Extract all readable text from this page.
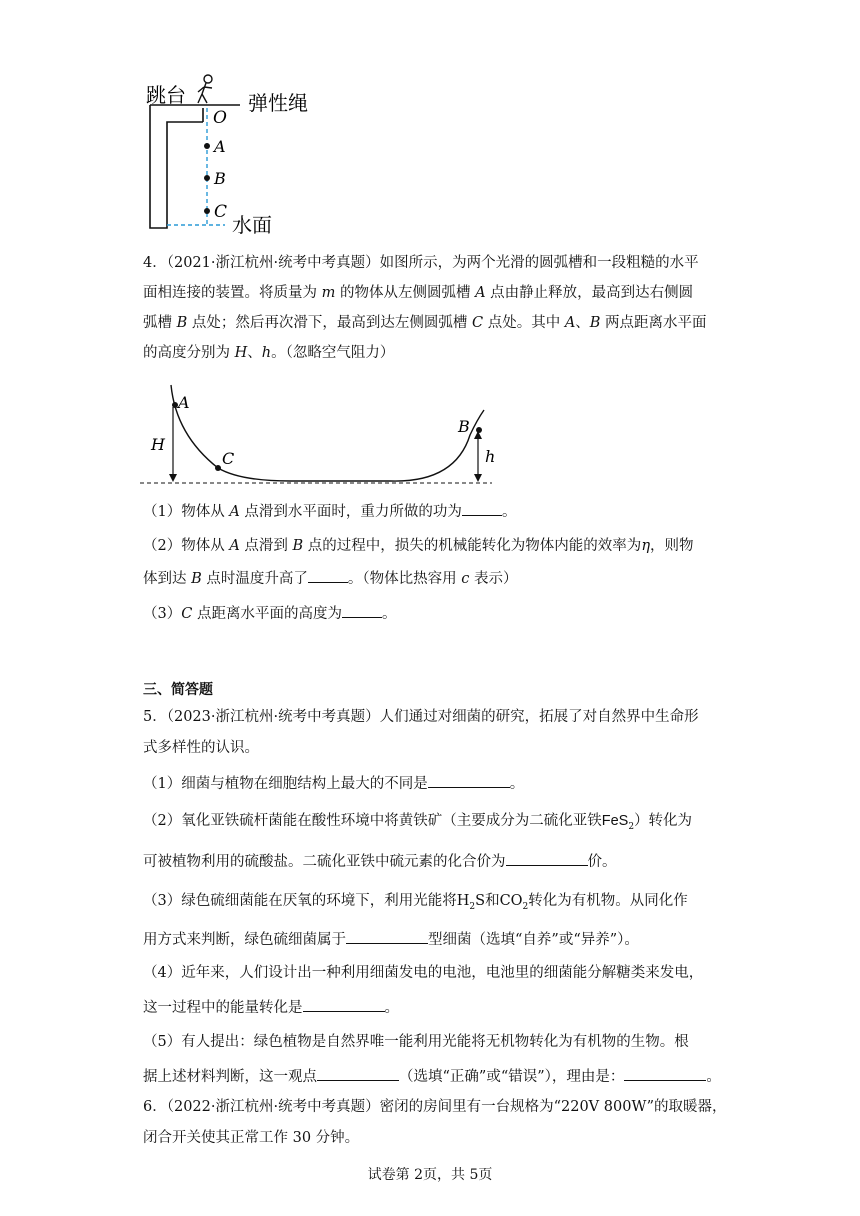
O
A
B
C
跳台	弹性绳
水面
4．（2021·浙江杭州·统考中考真题）如图所示，为两个光滑的圆弧槽和一段粗糙的水平
面相连接的装置。将质量为 m 的物体从左侧圆弧槽 A 点由静止释放，最高到达右侧圆
弧槽 B 点处；然后再次滑下，最高到达左侧圆弧槽 C 点处。其中 A、B 两点距离水平面
的高度分别为 H、h。（忽略空气阻力）
A
C
B
H
h
（1）物体从 A 点滑到水平面时，重力所做的功为	。
（2）物体从 A 点滑到 B 点的过程中，损失的机械能转化为物体内能的效率为η，则物
体到达 B 点时温度升高了	。（物体比热容用 c 表示）
（3）C 点距离水平面的高度为	。
三、简答题
5．（2023·浙江杭州·统考中考真题）人们通过对细菌的研究，拓展了对自然界中生命形
式多样性的认识。
（1）细菌与植物在细胞结构上最大的不同是	。
（2）氧化亚铁硫杆菌能在酸性环境中将黄铁矿（主要成分为二硫化亚铁FeS$_2$）转化为
可被植物利用的硫酸盐。二硫化亚铁中硫元素的化合价为	价。
（3）绿色硫细菌能在厌氧的环境下，利用光能将$H_2S$和$CO_2$转化为有机物。从同化作
用方式来判断，绿色硫细菌属于	型细菌（选填“自养”或“异养”）。
（4）近年来，人们设计出一种利用细菌发电的电池，电池里的细菌能分解糖类来发电，
这一过程中的能量转化是	。
（5）有人提出：绿色植物是自然界唯一能利用光能将无机物转化为有机物的生物。根
据上述材料判断，这一观点	（选填“正确”或“错误”），理由是：	。
6．（2022·浙江杭州·统考中考真题）密闭的房间里有一台规格为“220V 800W”的取暖器，
闭合开关使其正常工作 30 分钟。
试卷第 2页，共 5页
